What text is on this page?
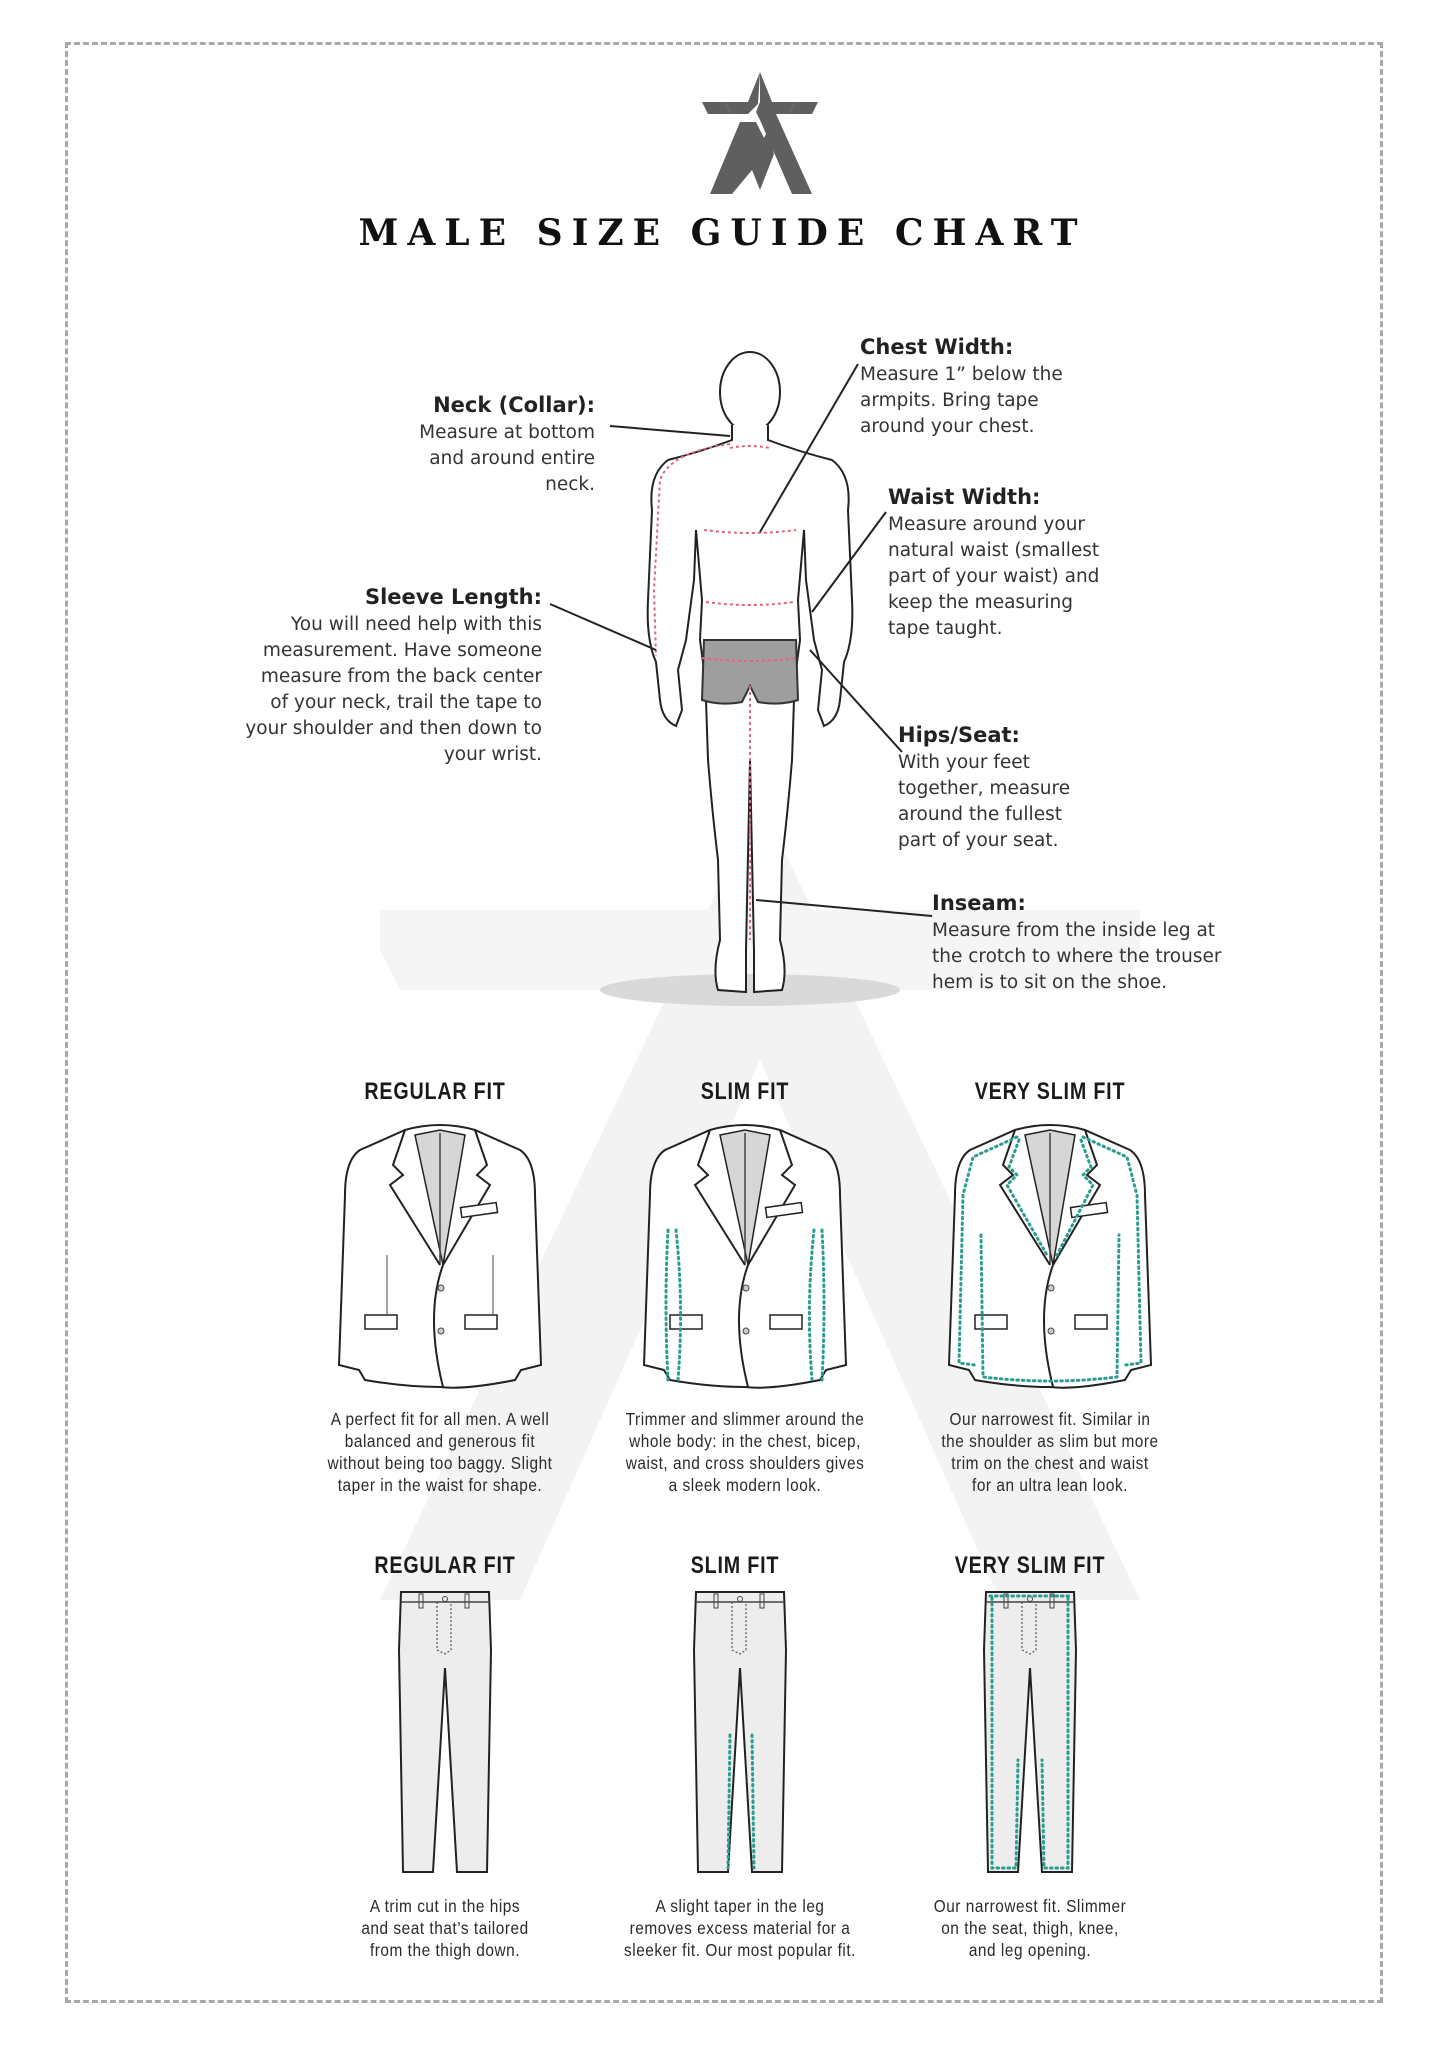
MALE SIZE GUIDE CHART
Neck (Collar):
Measure at bottom
and around entire
neck.
Sleeve Length:
You will need help with this
measurement. Have someone
measure from the back center
of your neck, trail the tape to
your shoulder and then down to
your wrist.
Chest Width:
Measure 1” below the
armpits. Bring tape
around your chest.
Waist Width:
Measure around your
natural waist (smallest
part of your waist) and
keep the measuring
tape taught.
Hips/Seat:
With your feet
together, measure
around the fullest
part of your seat.
Inseam:
Measure from the inside leg at
the crotch to where the trouser
hem is to sit on the shoe.
REGULAR FIT	SLIM FIT	VERY SLIM FIT
A perfect fit for all men. A well
balanced and generous fit
without being too baggy. Slight
taper in the waist for shape.
Trimmer and slimmer around the
whole body: in the chest, bicep,
waist, and cross shoulders gives
a sleek modern look.
Our narrowest fit. Similar in
the shoulder as slim but more
trim on the chest and waist
for an ultra lean look.
REGULAR FIT	SLIM FIT	VERY SLIM FIT
A trim cut in the hips
and seat that’s tailored
from the thigh down.
A slight taper in the leg
removes excess material for a
sleeker fit. Our most popular fit.
Our narrowest fit. Slimmer
on the seat, thigh, knee,
and leg opening.
